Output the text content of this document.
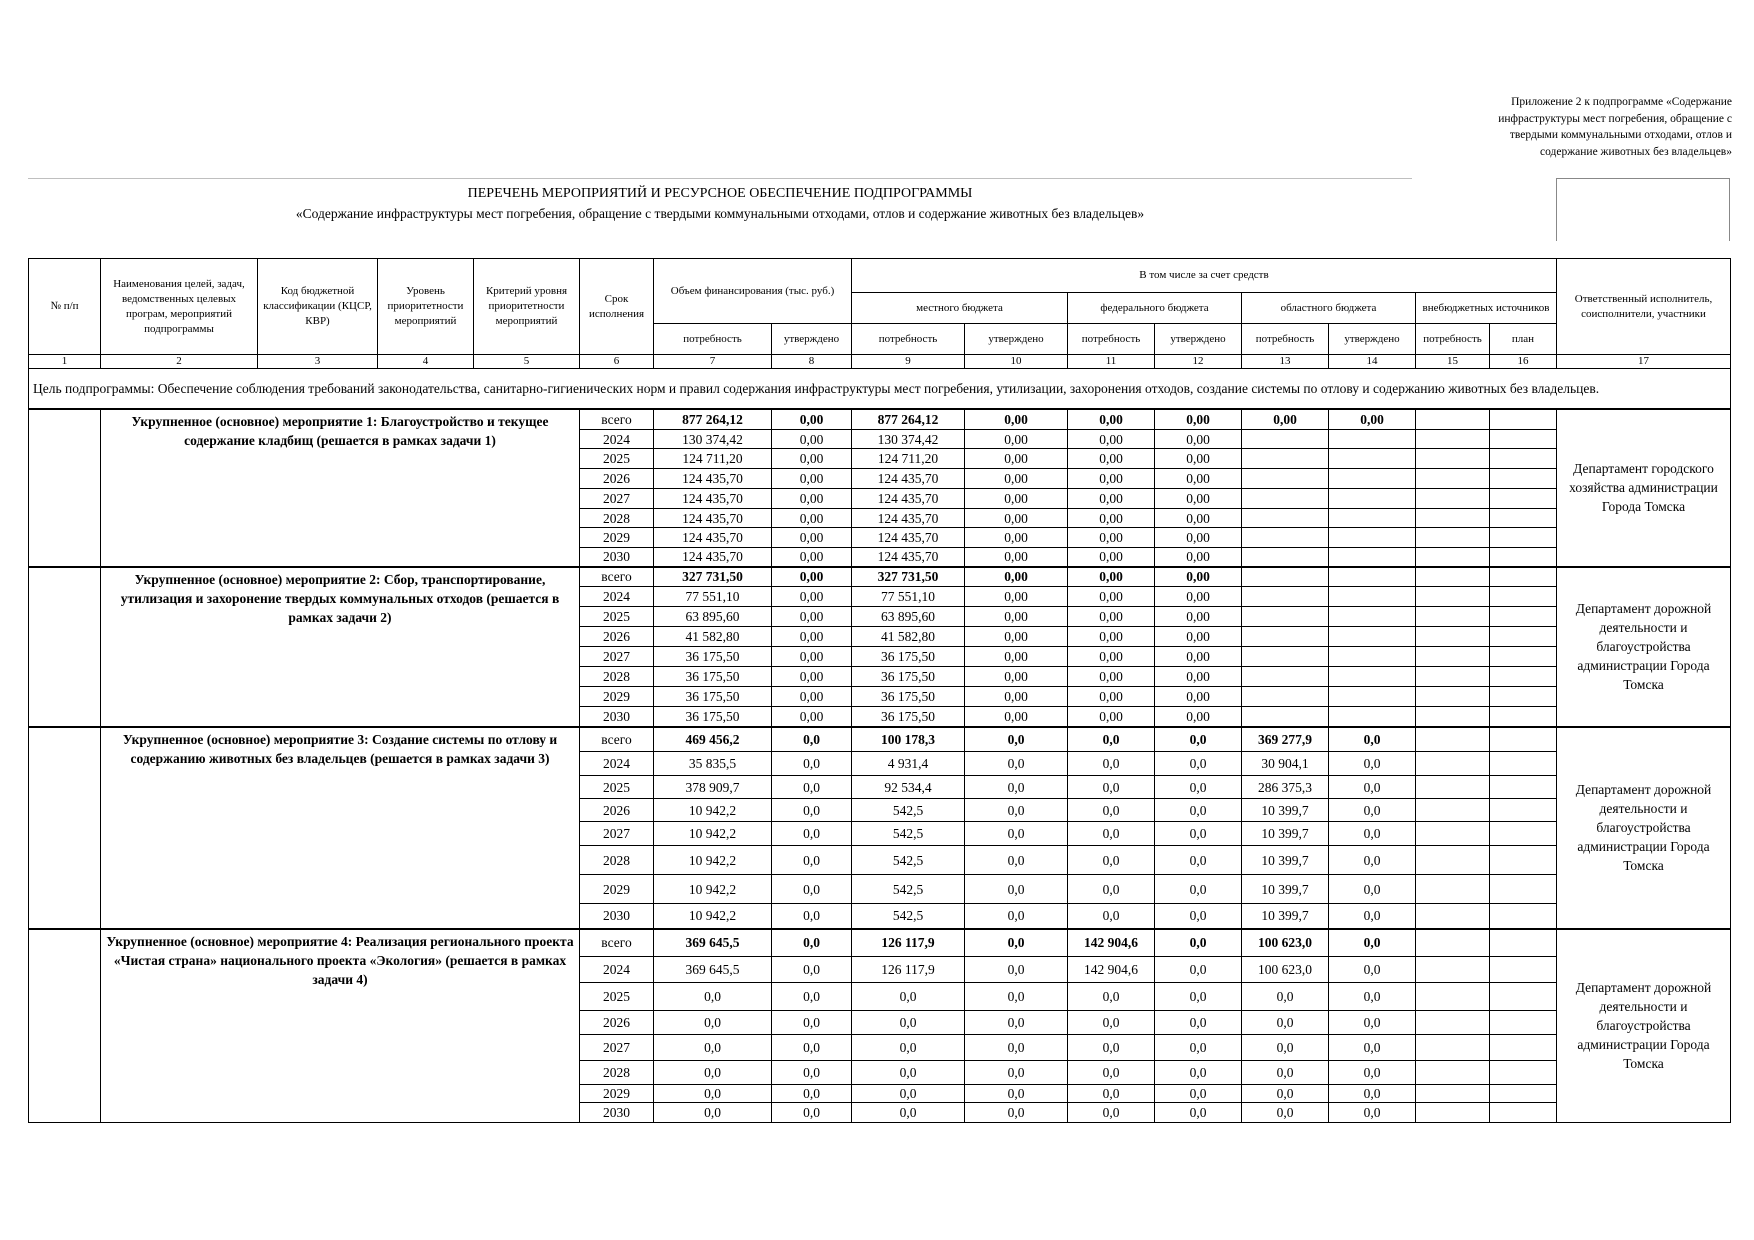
Приложение 2 к подпрограмме «Содержание
инфраструктуры мест погребения, обращение с
твердыми коммунальными отходами, отлов и
содержание животных без владельцев»
ПЕРЕЧЕНЬ МЕРОПРИЯТИЙ И РЕСУРСНОЕ ОБЕСПЕЧЕНИЕ ПОДПРОГРАММЫ
«Содержание инфраструктуры мест погребения, обращение с твердыми коммунальными отходами, отлов и содержание животных без владельцев»
№ п/п	Наименования целей, задач, ведомственных целевых програм, мероприятий подпрограммы	Код бюджетной классификации (КЦСР, КВР)	Уровень приоритетности мероприятий	Критерий уровня приоритетности мероприятий	Срок исполнения	Объем финансирования (тыс. руб.)		В том числе за счет средств								Ответственный исполнитель, соисполнители, участники
								местного бюджета		федерального бюджета		областного бюджета		внебюджетных источников		
						потребность	утверждено	потребность	утверждено	потребность	утверждено	потребность	утверждено	потребность	план	
1	2	3	4	5	6	7	8	9	10	11	12	13	14	15	16	17
Цель подпрограммы: Обеспечение соблюдения требований законодательства, санитарно-гигиенических норм и правил содержания инфраструктуры мест погребения, утилизации, захоронения отходов, создание системы по отлову и содержанию животных без владельцев.																
	Укрупненное (основное) мероприятие 1: Благоустройство и текущее содержание кладбищ (решается в рамках задачи 1)				всего	877 264,12	0,00	877 264,12	0,00	0,00	0,00	0,00	0,00			Департамент городского хозяйства администрации Города Томска
					2024	130 374,42	0,00	130 374,42	0,00	0,00	0,00					
					2025	124 711,20	0,00	124 711,20	0,00	0,00	0,00					
					2026	124 435,70	0,00	124 435,70	0,00	0,00	0,00					
					2027	124 435,70	0,00	124 435,70	0,00	0,00	0,00					
					2028	124 435,70	0,00	124 435,70	0,00	0,00	0,00					
					2029	124 435,70	0,00	124 435,70	0,00	0,00	0,00					
					2030	124 435,70	0,00	124 435,70	0,00	0,00	0,00					
	Укрупненное (основное) мероприятие 2: Сбор, транспортирование, утилизация и захоронение твердых коммунальных отходов (решается в рамках задачи 2)				всего	327 731,50	0,00	327 731,50	0,00	0,00	0,00					Департамент дорожной деятельности и благоустройства администрации Города Томска
					2024	77 551,10	0,00	77 551,10	0,00	0,00	0,00					
					2025	63 895,60	0,00	63 895,60	0,00	0,00	0,00					
					2026	41 582,80	0,00	41 582,80	0,00	0,00	0,00					
					2027	36 175,50	0,00	36 175,50	0,00	0,00	0,00					
					2028	36 175,50	0,00	36 175,50	0,00	0,00	0,00					
					2029	36 175,50	0,00	36 175,50	0,00	0,00	0,00					
					2030	36 175,50	0,00	36 175,50	0,00	0,00	0,00					
	Укрупненное (основное) мероприятие 3: Создание системы по отлову и содержанию животных без владельцев (решается в рамках задачи 3)				всего	469 456,2	0,0	100 178,3	0,0	0,0	0,0	369 277,9	0,0			Департамент дорожной деятельности и благоустройства администрации Города Томска
					2024	35 835,5	0,0	4 931,4	0,0	0,0	0,0	30 904,1	0,0			
					2025	378 909,7	0,0	92 534,4	0,0	0,0	0,0	286 375,3	0,0			
					2026	10 942,2	0,0	542,5	0,0	0,0	0,0	10 399,7	0,0			
					2027	10 942,2	0,0	542,5	0,0	0,0	0,0	10 399,7	0,0			
					2028	10 942,2	0,0	542,5	0,0	0,0	0,0	10 399,7	0,0			
					2029	10 942,2	0,0	542,5	0,0	0,0	0,0	10 399,7	0,0			
					2030	10 942,2	0,0	542,5	0,0	0,0	0,0	10 399,7	0,0			
	Укрупненное (основное) мероприятие 4: Реализация регионального проекта «Чистая страна» национального проекта «Экология» (решается в рамках задачи 4)				всего	369 645,5	0,0	126 117,9	0,0	142 904,6	0,0	100 623,0	0,0			Департамент дорожной деятельности и благоустройства администрации Города Томска
					2024	369 645,5	0,0	126 117,9	0,0	142 904,6	0,0	100 623,0	0,0			
					2025	0,0	0,0	0,0	0,0	0,0	0,0	0,0	0,0			
					2026	0,0	0,0	0,0	0,0	0,0	0,0	0,0	0,0			
					2027	0,0	0,0	0,0	0,0	0,0	0,0	0,0	0,0			
					2028	0,0	0,0	0,0	0,0	0,0	0,0	0,0	0,0			
					2029	0,0	0,0	0,0	0,0	0,0	0,0	0,0	0,0			
					2030	0,0	0,0	0,0	0,0	0,0	0,0	0,0	0,0			
